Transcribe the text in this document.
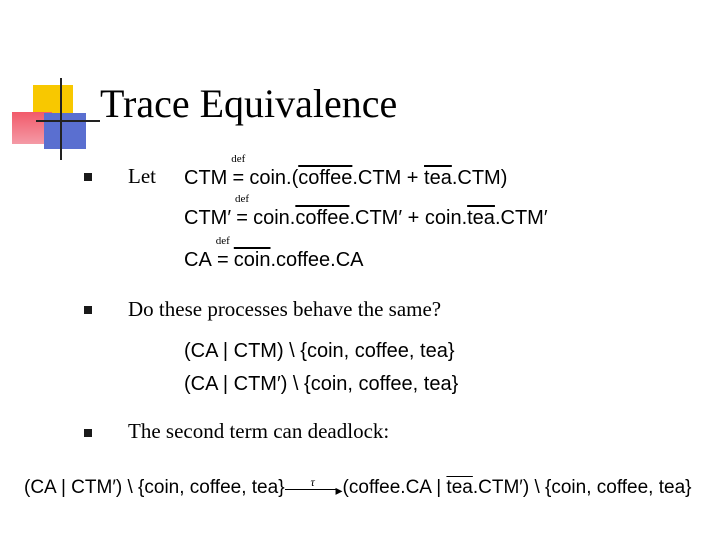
Trace Equivalence
Let CTM
def
= coin.(coffee.CTM + $\overline{tea}.CTM$)
CTM′
def
= coin.coffee.CTM′ + $coin.\overline{tea}.CTM'$
CA
def
= coin.coffee.CA
Do these processes behave the same?
(CA | CTM) \ {coin, coffee, tea}
(CA | CTM′) \ {coin, coffee, tea}
The second term can deadlock:
(CA | CTM′) \ {coin, coffee, tea} τ ▸ (coffee.CA | $\overline{tea}.CTM'$) \ {coin, coffee, tea}
